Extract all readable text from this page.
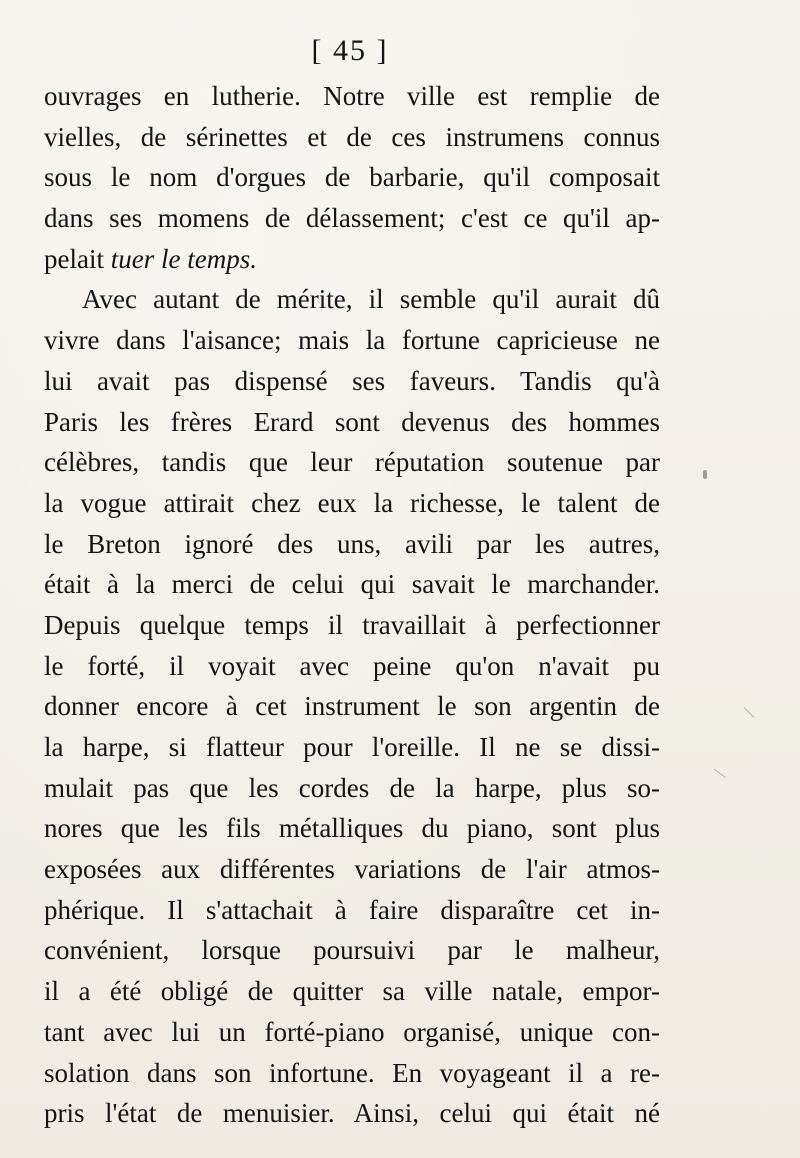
[ 45 ]
ouvrages en lutherie. Notre ville est remplie de
vielles, de sérinettes et de ces instrumens connus
sous le nom d'orgues de barbarie, qu'il composait
dans ses momens de délassement; c'est ce qu'il ap-
pelait tuer le temps.
Avec autant de mérite, il semble qu'il aurait dû
vivre dans l'aisance; mais la fortune capricieuse ne
lui avait pas dispensé ses faveurs. Tandis qu'à
Paris les frères Erard sont devenus des hommes
célèbres, tandis que leur réputation soutenue par
la vogue attirait chez eux la richesse, le talent de
le Breton ignoré des uns, avili par les autres,
était à la merci de celui qui savait le marchander.
Depuis quelque temps il travaillait à perfectionner
le forté, il voyait avec peine qu'on n'avait pu
donner encore à cet instrument le son argentin de
la harpe, si flatteur pour l'oreille. Il ne se dissi-
mulait pas que les cordes de la harpe, plus so-
nores que les fils métalliques du piano, sont plus
exposées aux différentes variations de l'air atmos-
phérique. Il s'attachait à faire disparaître cet in-
convénient, lorsque poursuivi par le malheur,
il a été obligé de quitter sa ville natale, empor-
tant avec lui un forté-piano organisé, unique con-
solation dans son infortune. En voyageant il a re-
pris l'état de menuisier. Ainsi, celui qui était né
